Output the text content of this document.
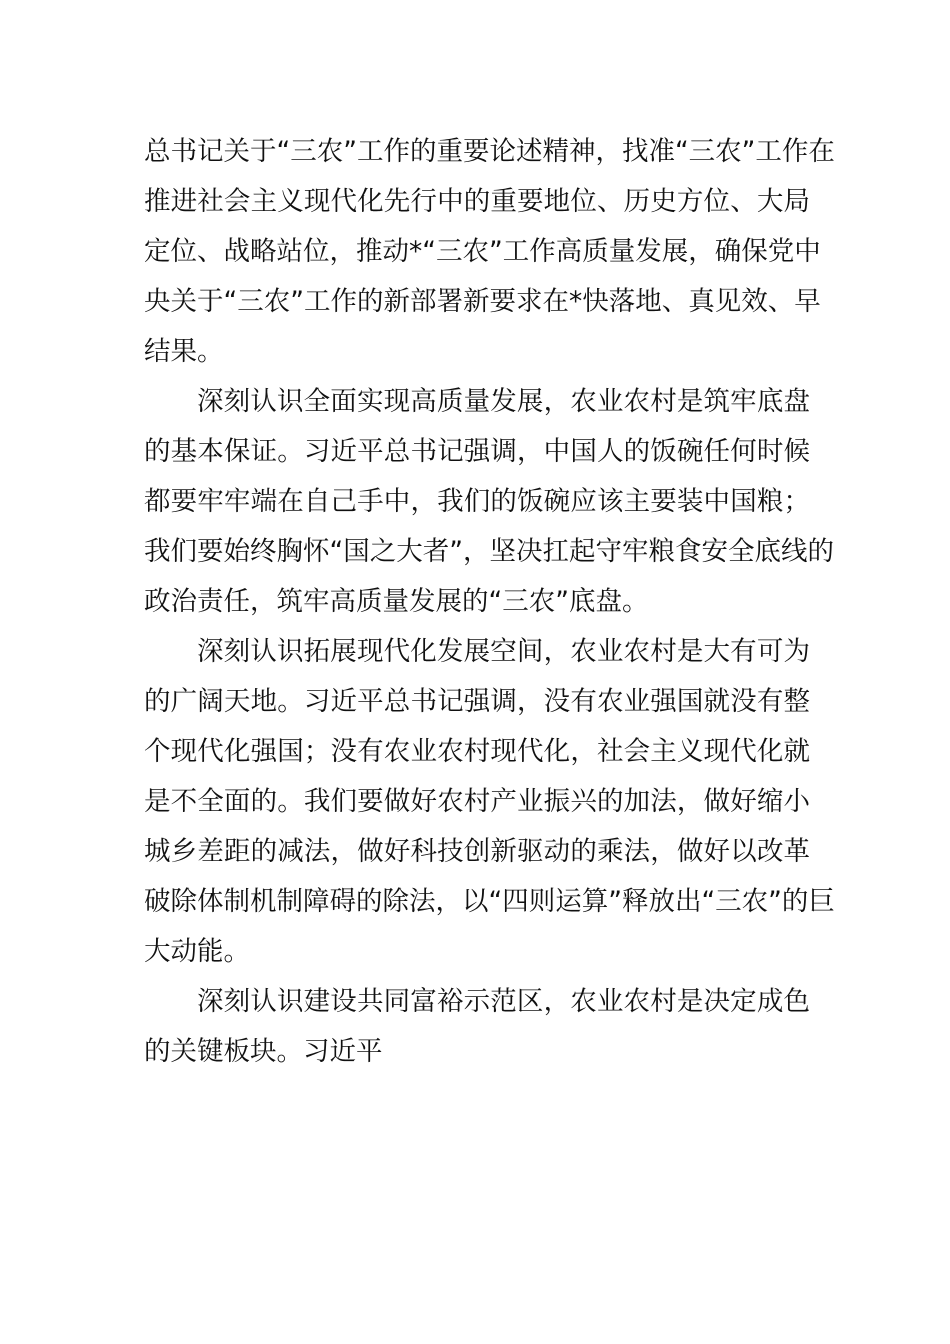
总书记关于“三农”工作的重要论述精神，找准“三农”工作在
推进社会主义现代化先行中的重要地位、历史方位、大局
定位、战略站位，推动*“三农”工作高质量发展，确保党中
央关于“三农”工作的新部署新要求在*快落地、真见效、早
结果。
深刻认识全面实现高质量发展，农业农村是筑牢底盘
的基本保证。习近平总书记强调，中国人的饭碗任何时候
都要牢牢端在自己手中，我们的饭碗应该主要装中国粮；
我们要始终胸怀“国之大者”，坚决扛起守牢粮食安全底线的
政治责任，筑牢高质量发展的“三农”底盘。
深刻认识拓展现代化发展空间，农业农村是大有可为
的广阔天地。习近平总书记强调，没有农业强国就没有整
个现代化强国；没有农业农村现代化，社会主义现代化就
是不全面的。我们要做好农村产业振兴的加法，做好缩小
城乡差距的减法，做好科技创新驱动的乘法，做好以改革
破除体制机制障碍的除法，以“四则运算”释放出“三农”的巨
大动能。
深刻认识建设共同富裕示范区，农业农村是决定成色
的关键板块。习近平
